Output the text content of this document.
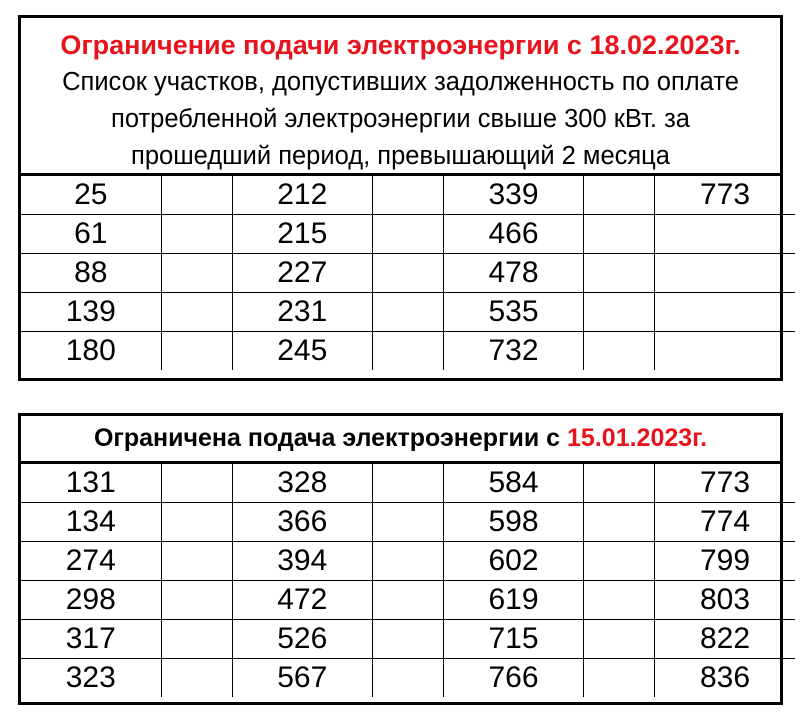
Ограничение подачи электроэнергии с 18.02.2023г.
Список участков, допустивших задолженность по оплате
потребленной электроэнергии свыше 300 кВт. за
прошедший период, превышающий 2 месяца
25		212		339		773
61		215		466		
88		227		478		
139		231		535		
180		245		732		
Ограничена подача электроэнергии с 15.01.2023г.
131		328		584		773
134		366		598		774
274		394		602		799
298		472		619		803
317		526		715		822
323		567		766		836
